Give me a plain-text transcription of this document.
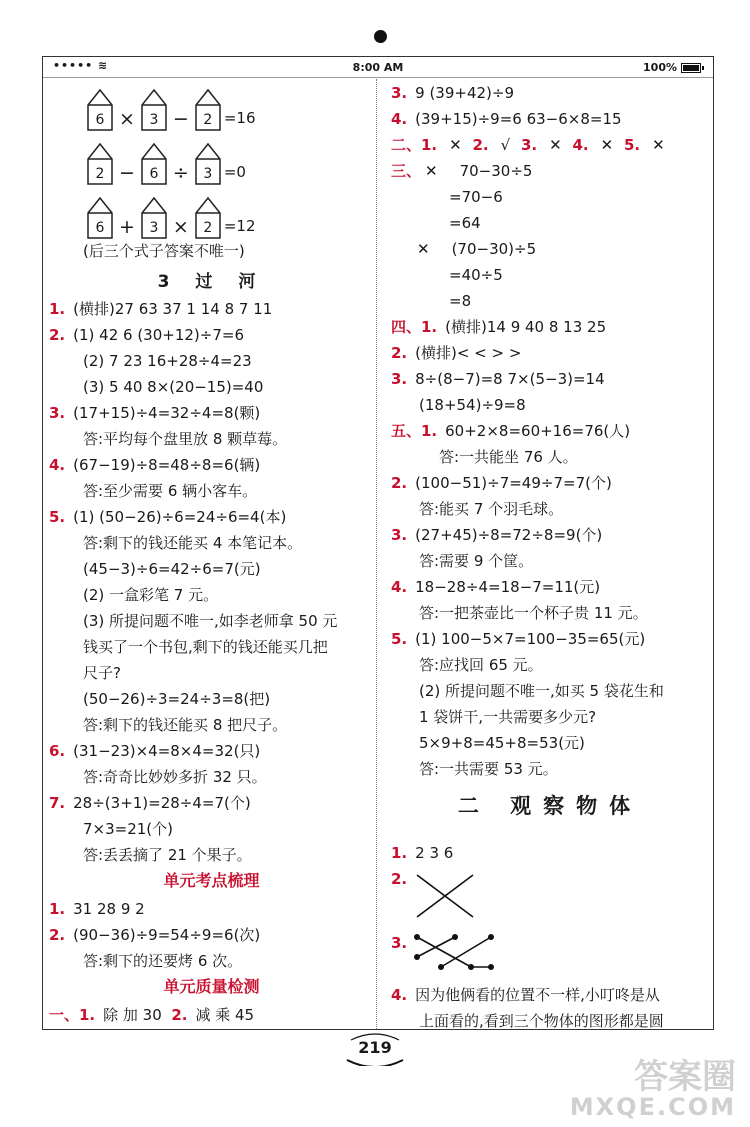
••••• ≋	8:00 AM	100%
6 ×	3 −	2 =16
2 −	6 ÷	3 =0
6 +	3 ×	2 =12
(后三个式子答案不唯一)
3 过 河
1. (横排)27 63 37 1 14 8 7 11
2. (1) 42 6 (30+12)÷7=6
(2) 7 23 16+28÷4=23
(3) 5 40 8×(20−15)=40
3. (17+15)÷4=32÷4=8(颗)
答:平均每个盘里放 8 颗草莓。
4. (67−19)÷8=48÷8=6(辆)
答:至少需要 6 辆小客车。
5. (1) (50−26)÷6=24÷6=4(本)
答:剩下的钱还能买 4 本笔记本。
(45−3)÷6=42÷6=7(元)
(2) 一盒彩笔 7 元。
(3) 所提问题不唯一,如李老师拿 50 元
钱买了一个书包,剩下的钱还能买几把
尺子?
(50−26)÷3=24÷3=8(把)
答:剩下的钱还能买 8 把尺子。
6. (31−23)×4=8×4=32(只)
答:奇奇比妙妙多折 32 只。
7. 28÷(3+1)=28÷4=7(个)
7×3=21(个)
答:丢丢摘了 21 个果子。
单元考点梳理
1. 31 28 9 2
2. (90−36)÷9=54÷9=6(次)
答:剩下的还要烤 6 次。
单元质量检测
一、1. 除 加 30 2. 减 乘 45
3. 9 (39+42)÷9
4. (39+15)÷9=6 63−6×8=15
二、1. ✕ 2. √ 3. ✕ 4. ✕ 5. ✕
三、 ✕ 70−30÷5
=70−6
=64
✕ (70−30)÷5
=40÷5
=8
四、1. (横排)14 9 40 8 13 25
2. (横排)< < > >
3. 8÷(8−7)=8 7×(5−3)=14
(18+54)÷9=8
五、1. 60+2×8=60+16=76(人)
答:一共能坐 76 人。
2. (100−51)÷7=49÷7=7(个)
答:能买 7 个羽毛球。
3. (27+45)÷8=72÷8=9(个)
答:需要 9 个筐。
4. 18−28÷4=18−7=11(元)
答:一把茶壶比一个杯子贵 11 元。
5. (1) 100−5×7=100−35=65(元)
答:应找回 65 元。
(2) 所提问题不唯一,如买 5 袋花生和
1 袋饼干,一共需要多少元?
5×9+8=45+8=53(元)
答:一共需要 53 元。
二 观察物体
1. 2 3 6
2.
3.
4. 因为他俩看的位置不一样,小叮咚是从
上面看的,看到三个物体的图形都是圆
219
答案圈
MXQE.COM
